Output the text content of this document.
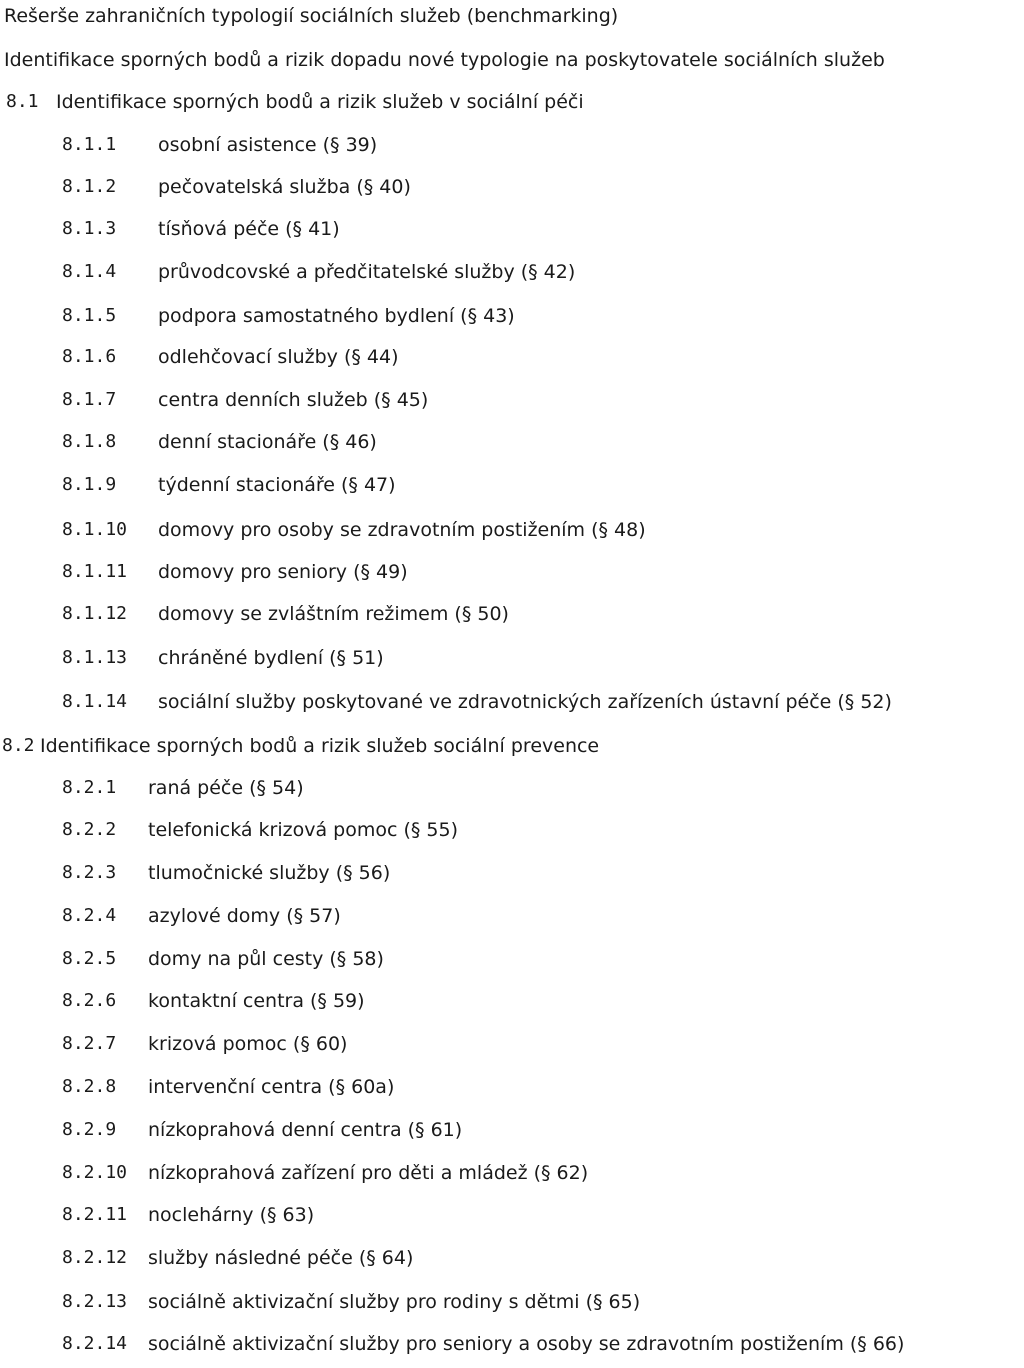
Rešerše zahraničních typologií sociálních služeb (benchmarking)
Identifikace sporných bodů a rizik dopadu nové typologie na poskytovatele sociálních služeb
8.1 Identifikace sporných bodů a rizik služeb v sociální péči
8.1.1 osobní asistence (§ 39)
8.1.2 pečovatelská služba (§ 40)
8.1.3 tísňová péče (§ 41)
8.1.4 průvodcovské a předčitatelské služby (§ 42)
8.1.5 podpora samostatného bydlení (§ 43)
8.1.6 odlehčovací služby (§ 44)
8.1.7 centra denních služeb (§ 45)
8.1.8 denní stacionáře (§ 46)
8.1.9 týdenní stacionáře (§ 47)
8.1.10 domovy pro osoby se zdravotním postižením (§ 48)
8.1.11 domovy pro seniory (§ 49)
8.1.12 domovy se zvláštním režimem (§ 50)
8.1.13 chráněné bydlení (§ 51)
8.1.14 sociální služby poskytované ve zdravotnických zařízeních ústavní péče (§ 52)
8.2 Identifikace sporných bodů a rizik služeb sociální prevence
8.2.1 raná péče (§ 54)
8.2.2 telefonická krizová pomoc (§ 55)
8.2.3 tlumočnické služby (§ 56)
8.2.4 azylové domy (§ 57)
8.2.5 domy na půl cesty (§ 58)
8.2.6 kontaktní centra (§ 59)
8.2.7 krizová pomoc (§ 60)
8.2.8 intervenční centra (§ 60a)
8.2.9 nízkoprahová denní centra (§ 61)
8.2.10 nízkoprahová zařízení pro děti a mládež (§ 62)
8.2.11 noclehárny (§ 63)
8.2.12 služby následné péče (§ 64)
8.2.13 sociálně aktivizační služby pro rodiny s dětmi (§ 65)
8.2.14 sociálně aktivizační služby pro seniory a osoby se zdravotním postižením (§ 66)
